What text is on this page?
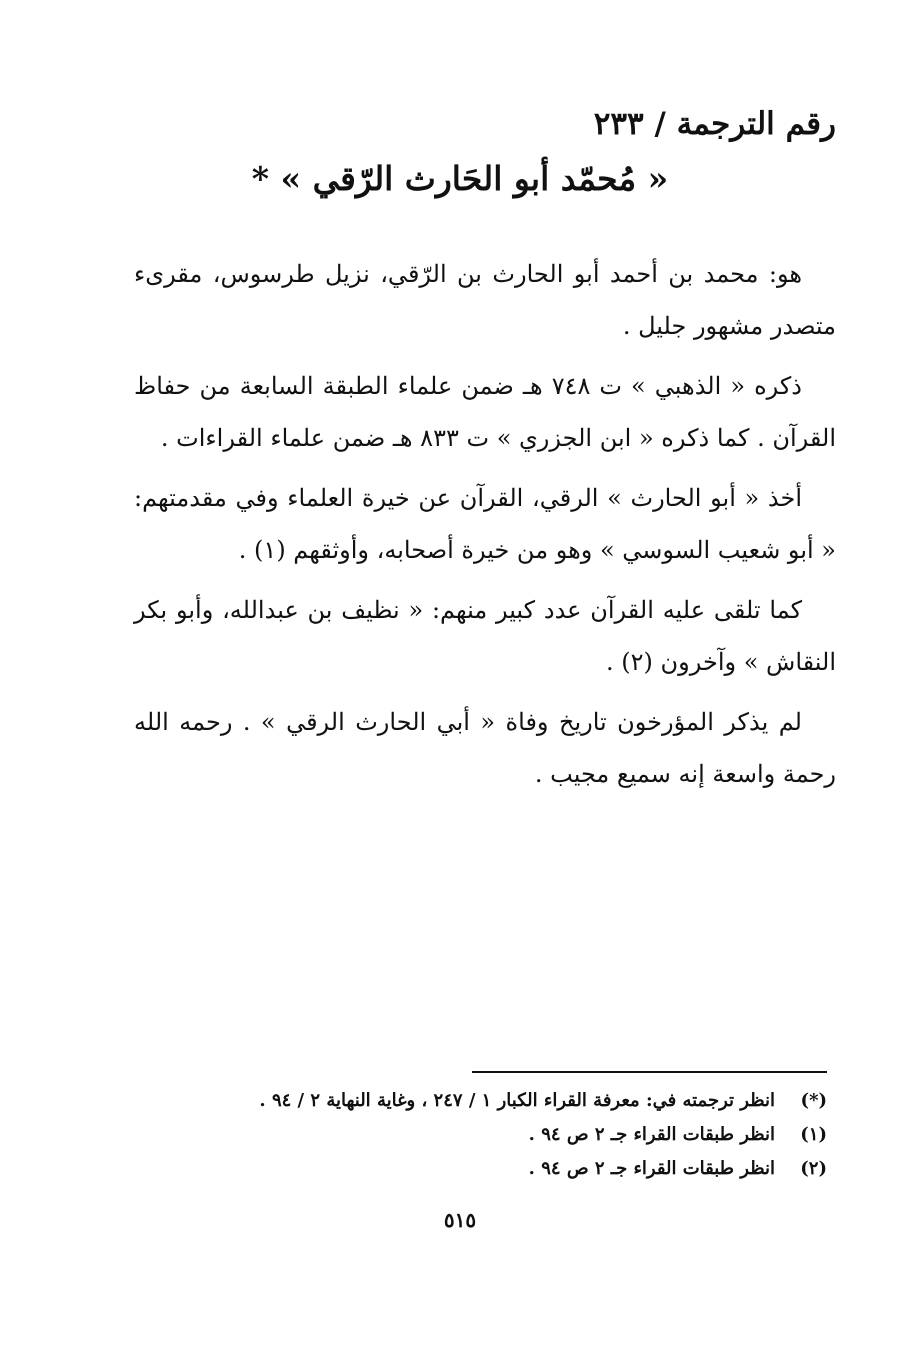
رقم الترجمة / ٢٣٣
« مُحمّد أبو الحَارث الرّقي » *

هو: محمد بن أحمد أبو الحارث بن الرّقي، نزيل طرسوس، مقرىء متصدر مشهور جليل .

ذكره « الذهبي » ت ٧٤٨ هـ ضمن علماء الطبقة السابعة من حفاظ القرآن . كما ذكره « ابن الجزري » ت ٨٣٣ هـ ضمن علماء القراءات .

أخذ « أبو الحارث » الرقي، القرآن عن خيرة العلماء وفي مقدمتهم: « أبو شعيب السوسي » وهو من خيرة أصحابه، وأوثقهم (١) .

كما تلقى عليه القرآن عدد كبير منهم: « نظيف بن عبدالله، وأبو بكر النقاش » وآخرون (٢) .

لم يذكر المؤرخون تاريخ وفاة « أبي الحارث الرقي » . رحمه الله رحمة واسعة إنه سميع مجيب .

(*)
انظر ترجمته في: معرفة القراء الكبار ١ / ٢٤٧ ، وغاية النهاية ٢ / ٩٤ .
(١)
انظر طبقات القراء جـ ٢ ص ٩٤ .
(٢)
انظر طبقات القراء جـ ٢ ص ٩٤ .
٥١٥
